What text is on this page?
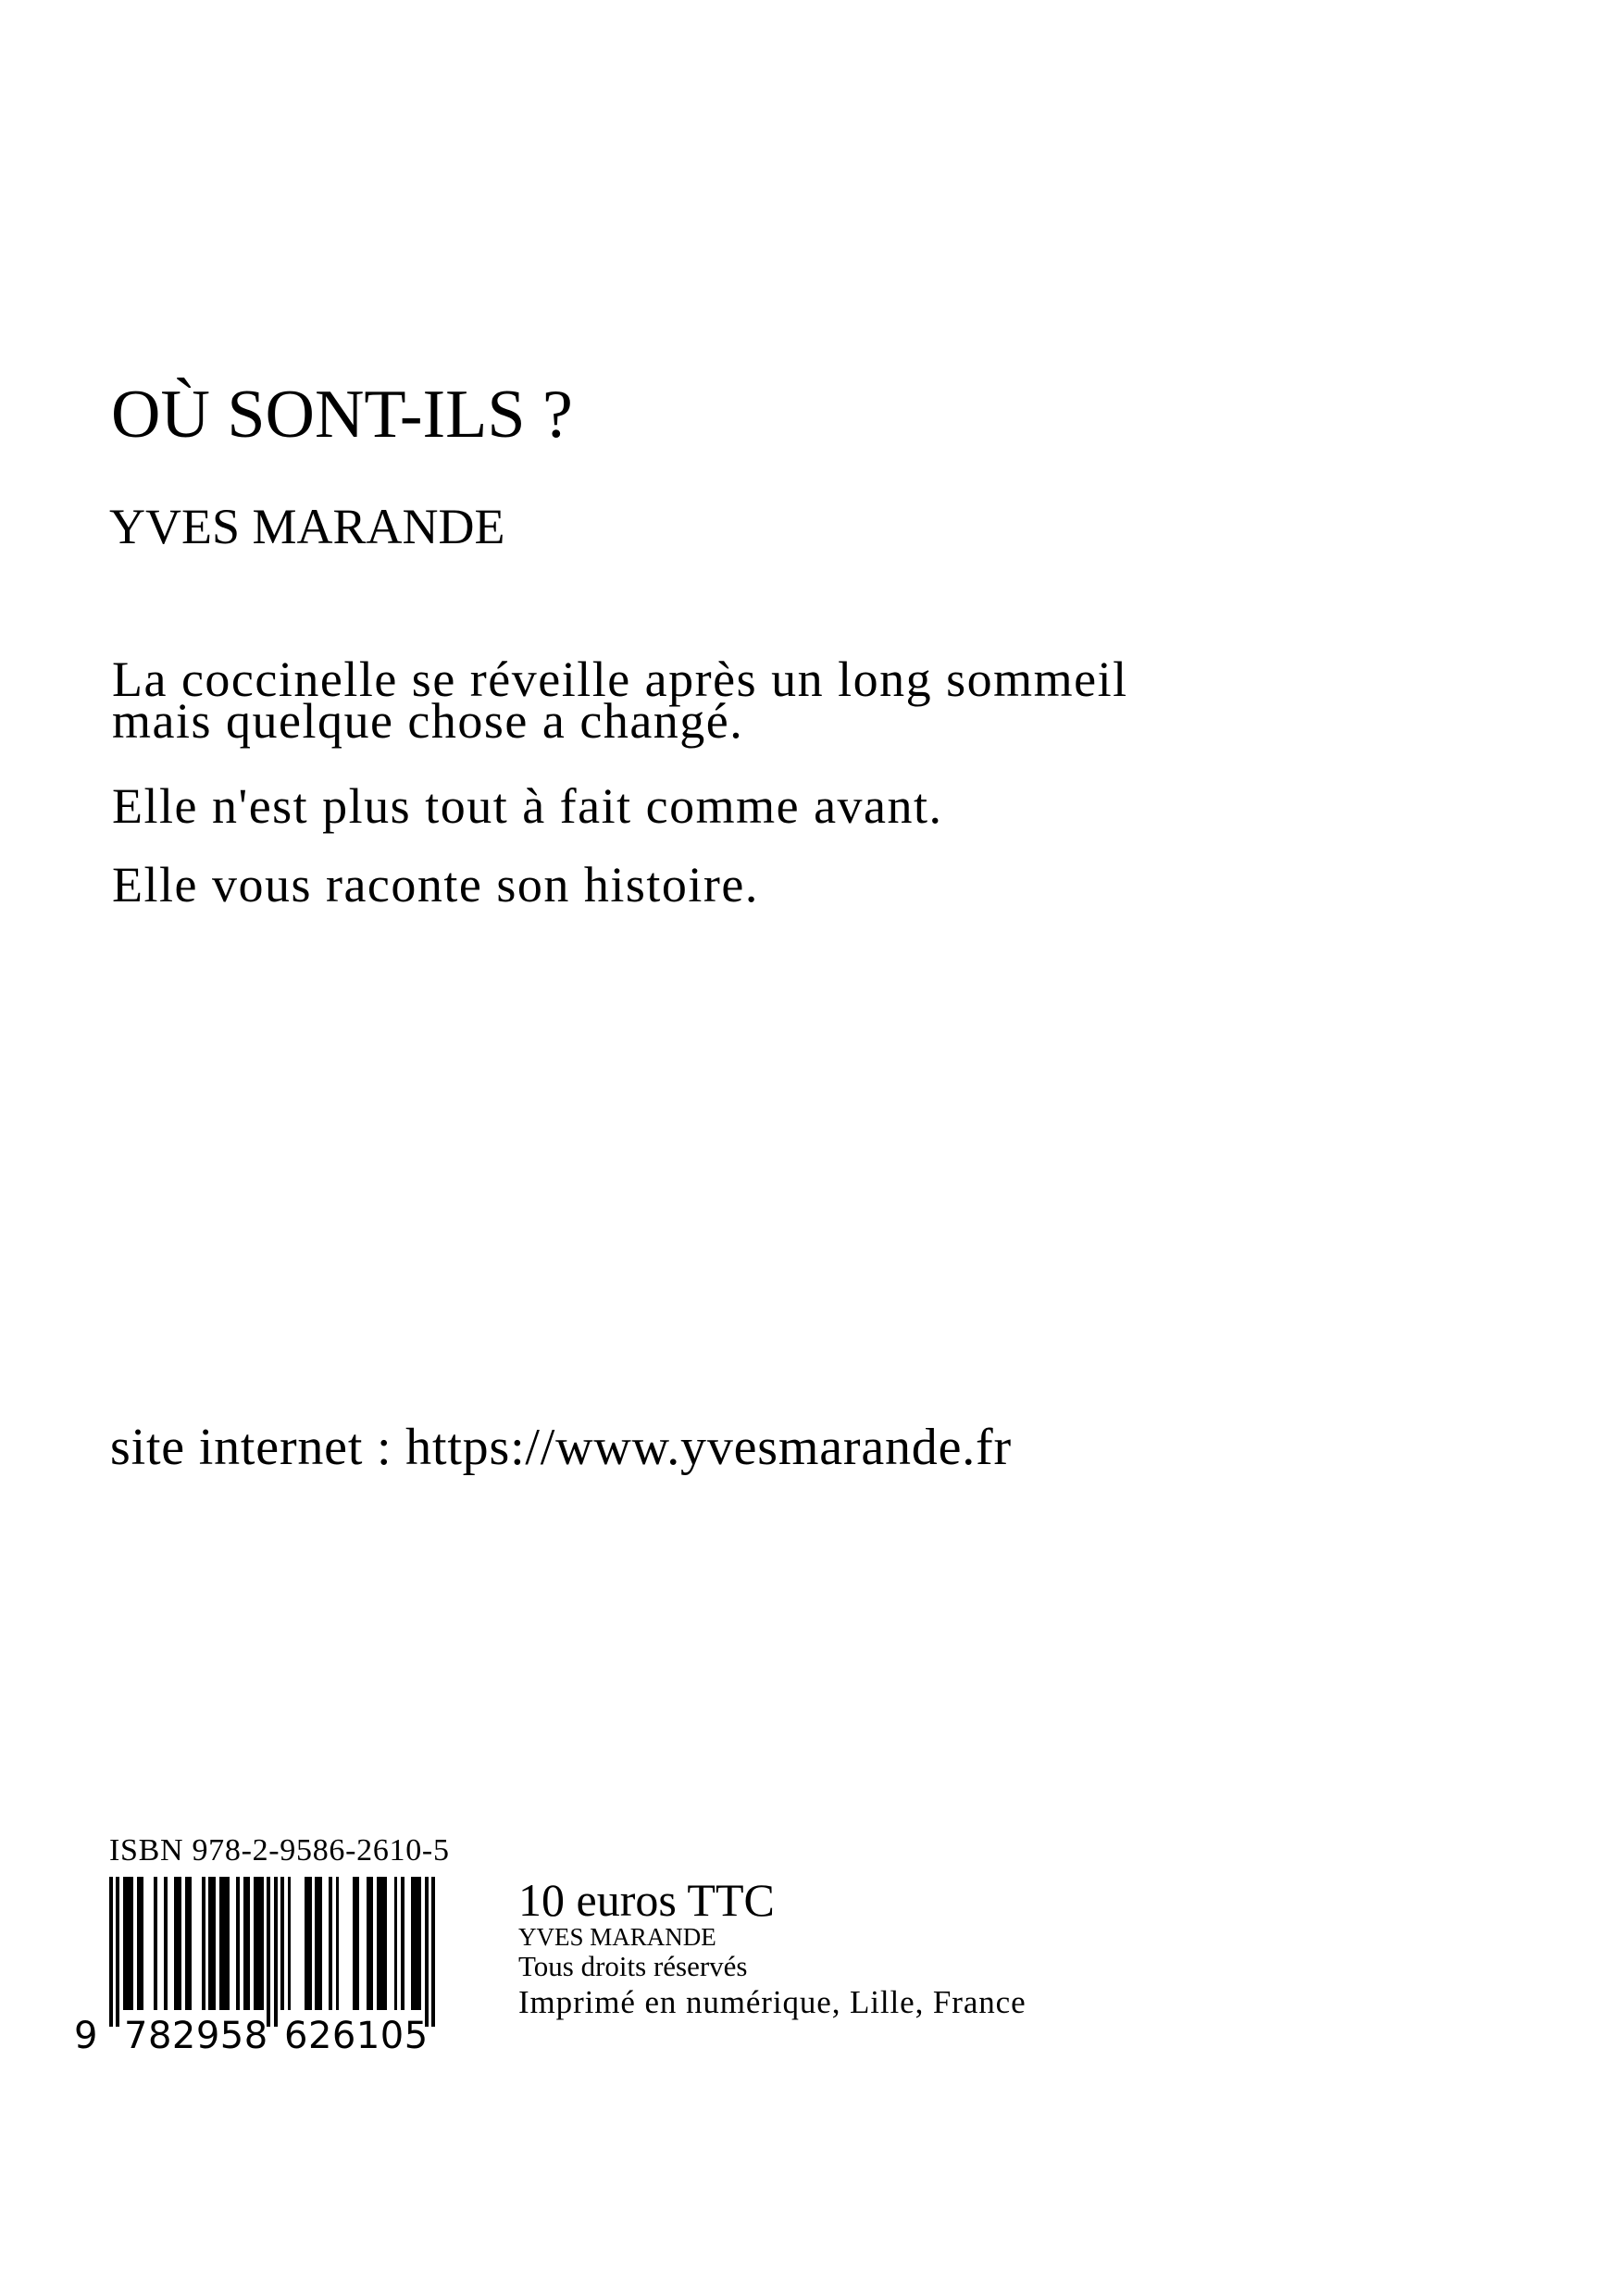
OÙ SONT-ILS ?
YVES MARANDE

La coccinelle se réveille après un long sommeil mais quelque chose a changé.

Elle n'est plus tout à fait comme avant.

Elle vous raconte son histoire.

site internet : https://www.yvesmarande.fr
ISBN 978-2-9586-2610-5
9 782958 626105
10 euros TTC
YVES MARANDE
Tous droits réservés
Imprimé en numérique, Lille, France
